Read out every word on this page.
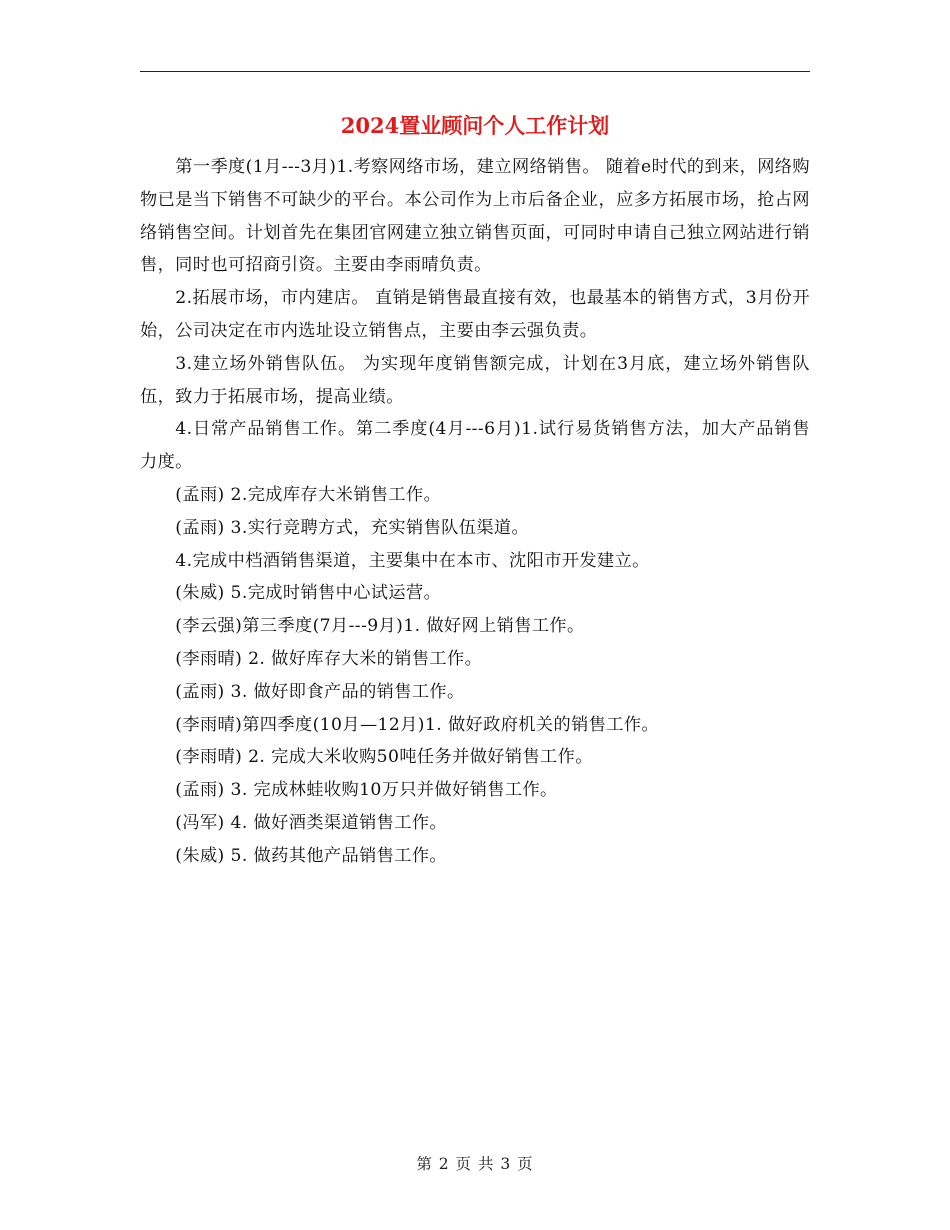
2024置业顾问个人工作计划

第一季度(1月---3月)1.考察网络市场，建立网络销售。 随着e时代的到来，网络购物已是当下销售不可缺少的平台。本公司作为上市后备企业，应多方拓展市场，抢占网络销售空间。计划首先在集团官网建立独立销售页面，可同时申请自己独立网站进行销售，同时也可招商引资。主要由李雨晴负责。

2.拓展市场，市内建店。 直销是销售最直接有效，也最基本的销售方式，3月份开始，公司决定在市内选址设立销售点，主要由李云强负责。

3.建立场外销售队伍。 为实现年度销售额完成，计划在3月底，建立场外销售队伍，致力于拓展市场，提高业绩。

4.日常产品销售工作。第二季度(4月---6月)1.试行易货销售方法，加大产品销售力度。

(孟雨) 2.完成库存大米销售工作。

(孟雨) 3.实行竞聘方式，充实销售队伍渠道。

4.完成中档酒销售渠道，主要集中在本市、沈阳市开发建立。

(朱威) 5.完成时销售中心试运营。

(李云强)第三季度(7月---9月)1. 做好网上销售工作。

(李雨晴) 2. 做好库存大米的销售工作。

(孟雨) 3. 做好即食产品的销售工作。

(李雨晴)第四季度(10月—12月)1. 做好政府机关的销售工作。

(李雨晴) 2. 完成大米收购50吨任务并做好销售工作。

(孟雨) 3. 完成林蛙收购10万只并做好销售工作。

(冯军) 4. 做好酒类渠道销售工作。

(朱威) 5. 做药其他产品销售工作。

第 2 页 共 3 页
